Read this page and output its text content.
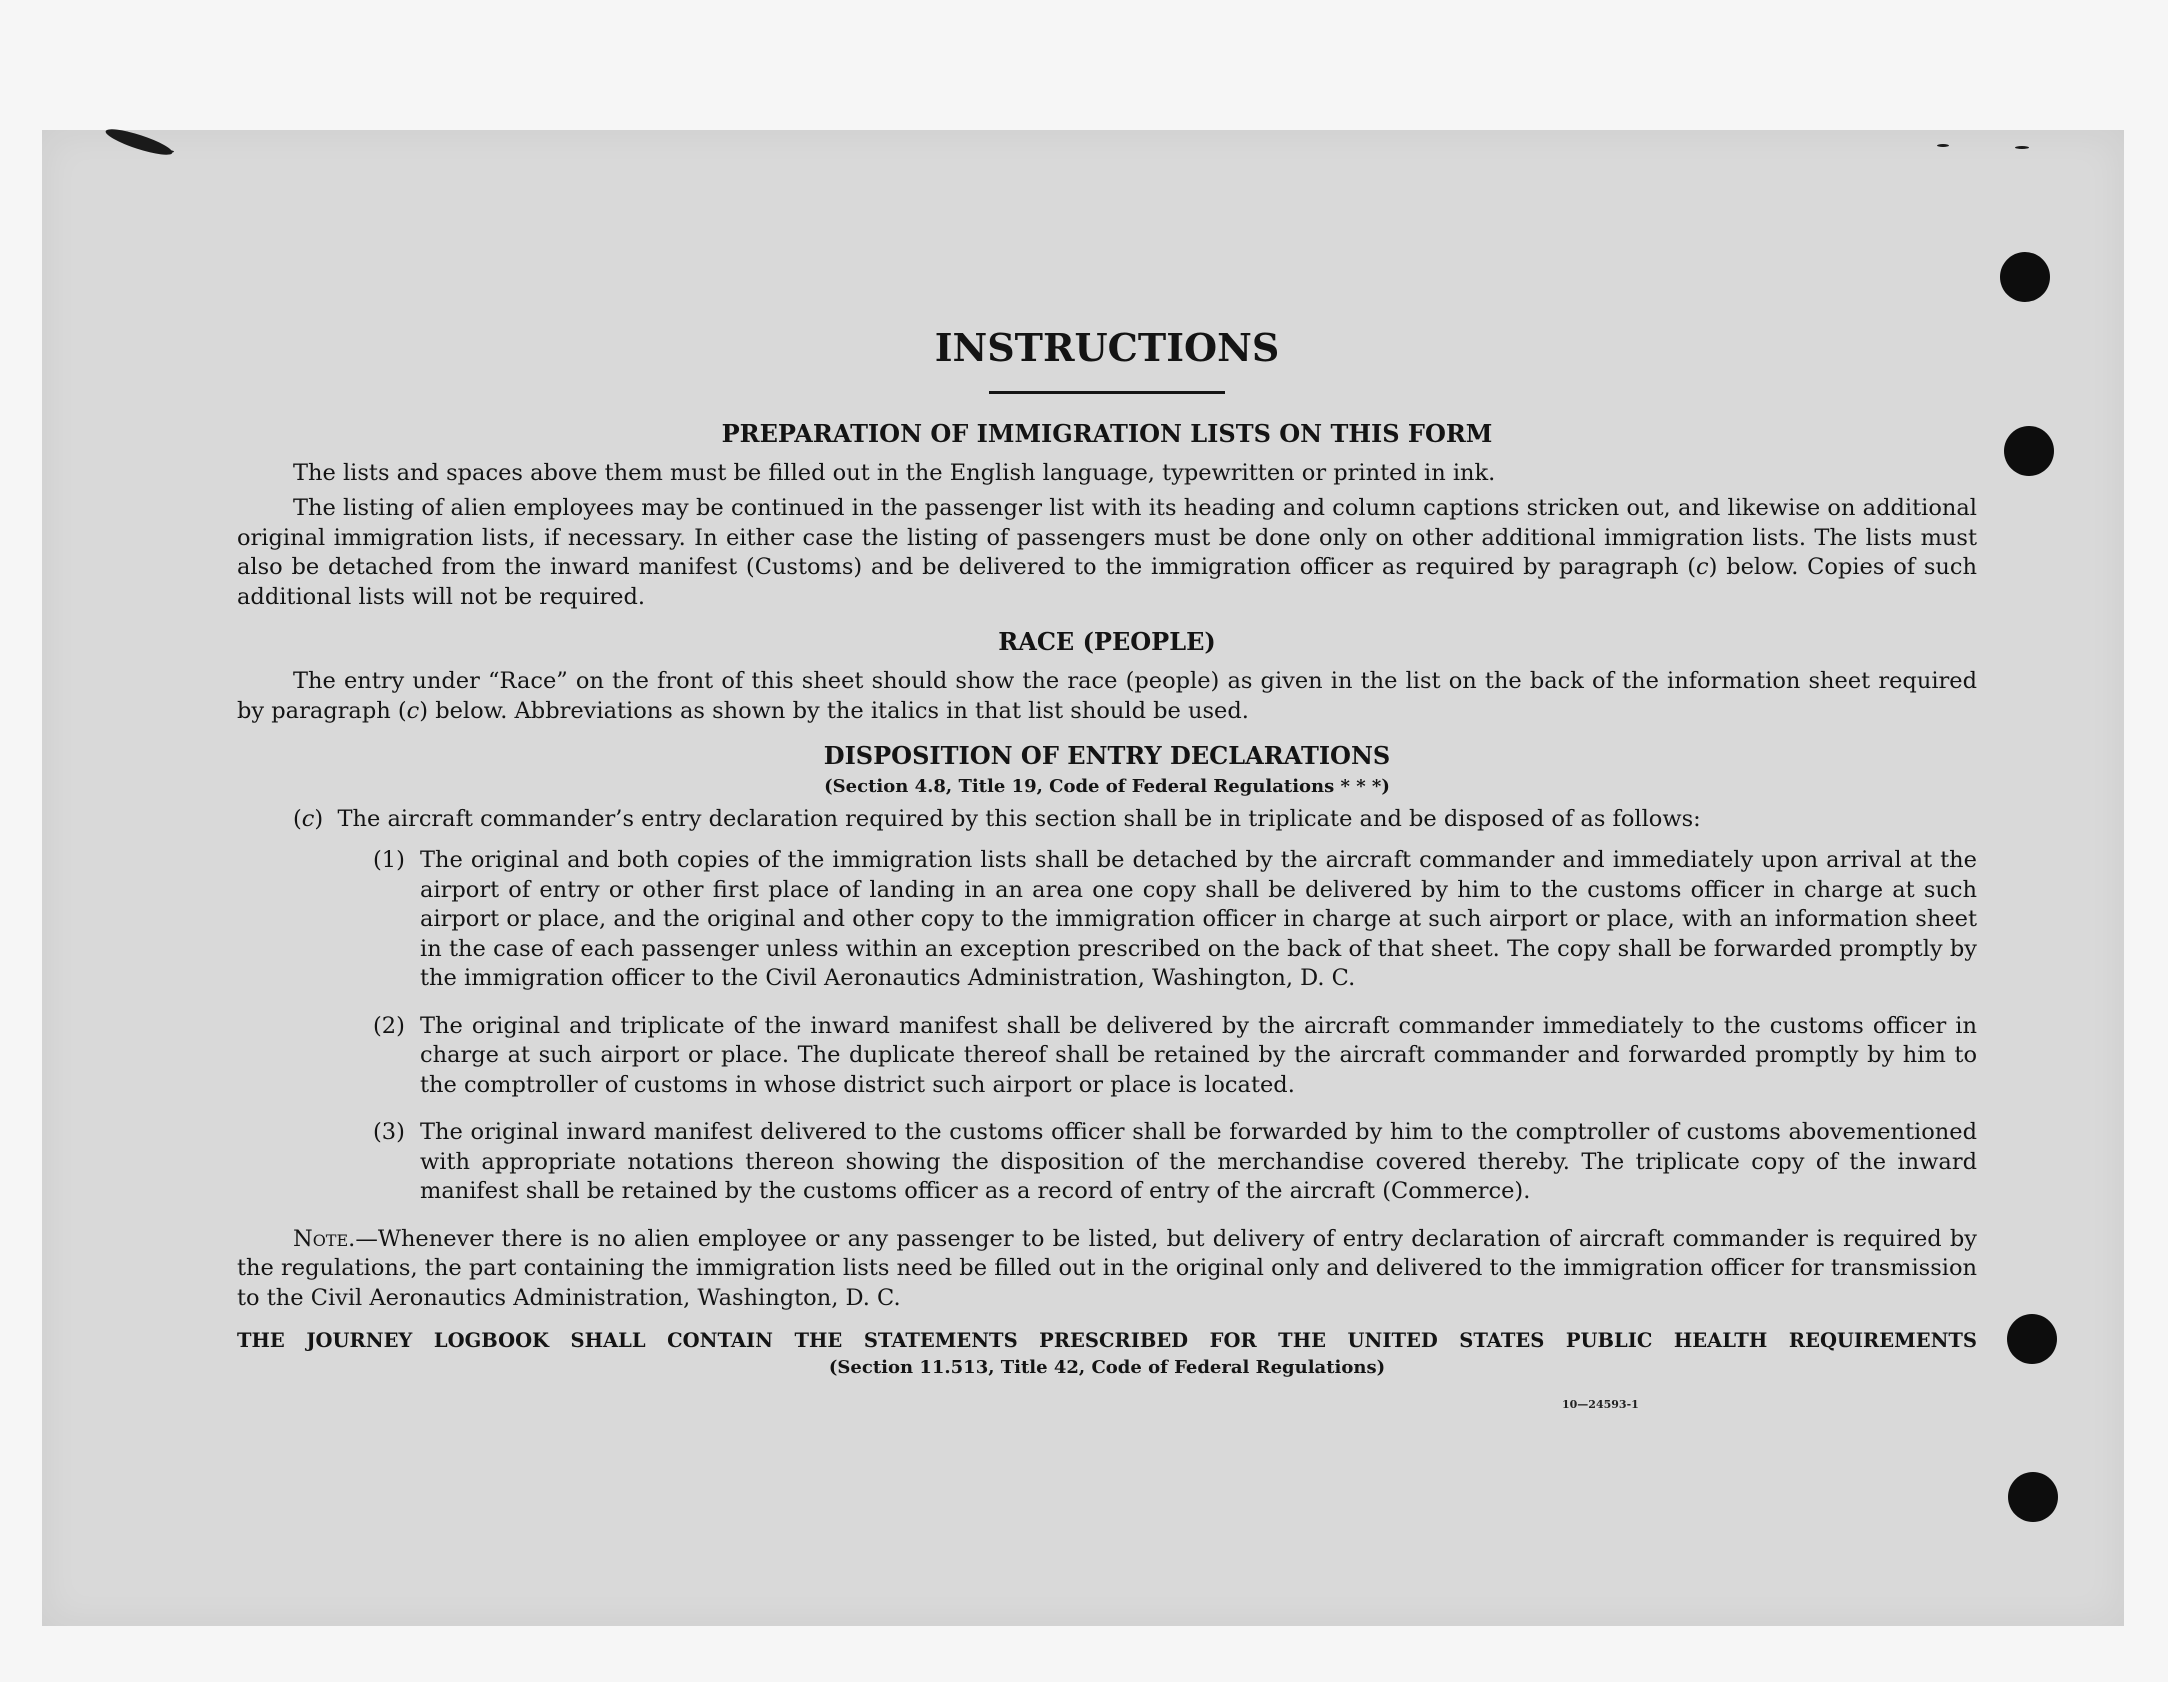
INSTRUCTIONS
PREPARATION OF IMMIGRATION LISTS ON THIS FORM

The lists and spaces above them must be filled out in the English language, typewritten or printed in ink.

The listing of alien employees may be continued in the passenger list with its heading and column captions stricken out, and likewise on additional original immigration lists, if necessary. In either case the listing of passengers must be done only on other additional immigration lists. The lists must also be detached from the inward manifest (Customs) and be delivered to the immigration officer as required by paragraph (c) below. Copies of such additional lists will not be required.

RACE (PEOPLE)

The entry under “Race” on the front of this sheet should show the race (people) as given in the list on the back of the information sheet required by paragraph (c) below. Abbreviations as shown by the italics in that list should be used.

DISPOSITION OF ENTRY DECLARATIONS
(Section 4.8, Title 19, Code of Federal Regulations * * *)

(c) The aircraft commander’s entry declaration required by this section shall be in triplicate and be disposed of as follows:

(1) The original and both copies of the immigration lists shall be detached by the aircraft commander and immediately upon arrival at the airport of entry or other first place of landing in an area one copy shall be delivered by him to the customs officer in charge at such airport or place, and the original and other copy to the immigration officer in charge at such airport or place, with an information sheet in the case of each passenger unless within an exception prescribed on the back of that sheet. The copy shall be forwarded promptly by the immigration officer to the Civil Aeronautics Administration, Washington, D. C.

(2) The original and triplicate of the inward manifest shall be delivered by the aircraft commander immediately to the customs officer in charge at such airport or place. The duplicate thereof shall be retained by the aircraft commander and forwarded promptly by him to the comptroller of customs in whose district such airport or place is located.

(3) The original inward manifest delivered to the customs officer shall be forwarded by him to the comptroller of customs abovementioned with appropriate notations thereon showing the disposition of the merchandise covered thereby. The triplicate copy of the inward manifest shall be retained by the customs officer as a record of entry of the aircraft (Commerce).

Note.—Whenever there is no alien employee or any passenger to be listed, but delivery of entry declaration of aircraft commander is required by the regulations, the part containing the immigration lists need be filled out in the original only and delivered to the immigration officer for transmission to the Civil Aeronautics Administration, Washington, D. C.

THE JOURNEY LOGBOOK SHALL CONTAIN THE STATEMENTS PRESCRIBED FOR THE UNITED STATES PUBLIC HEALTH REQUIREMENTS
(Section 11.513, Title 42, Code of Federal Regulations)
10—24593-1
